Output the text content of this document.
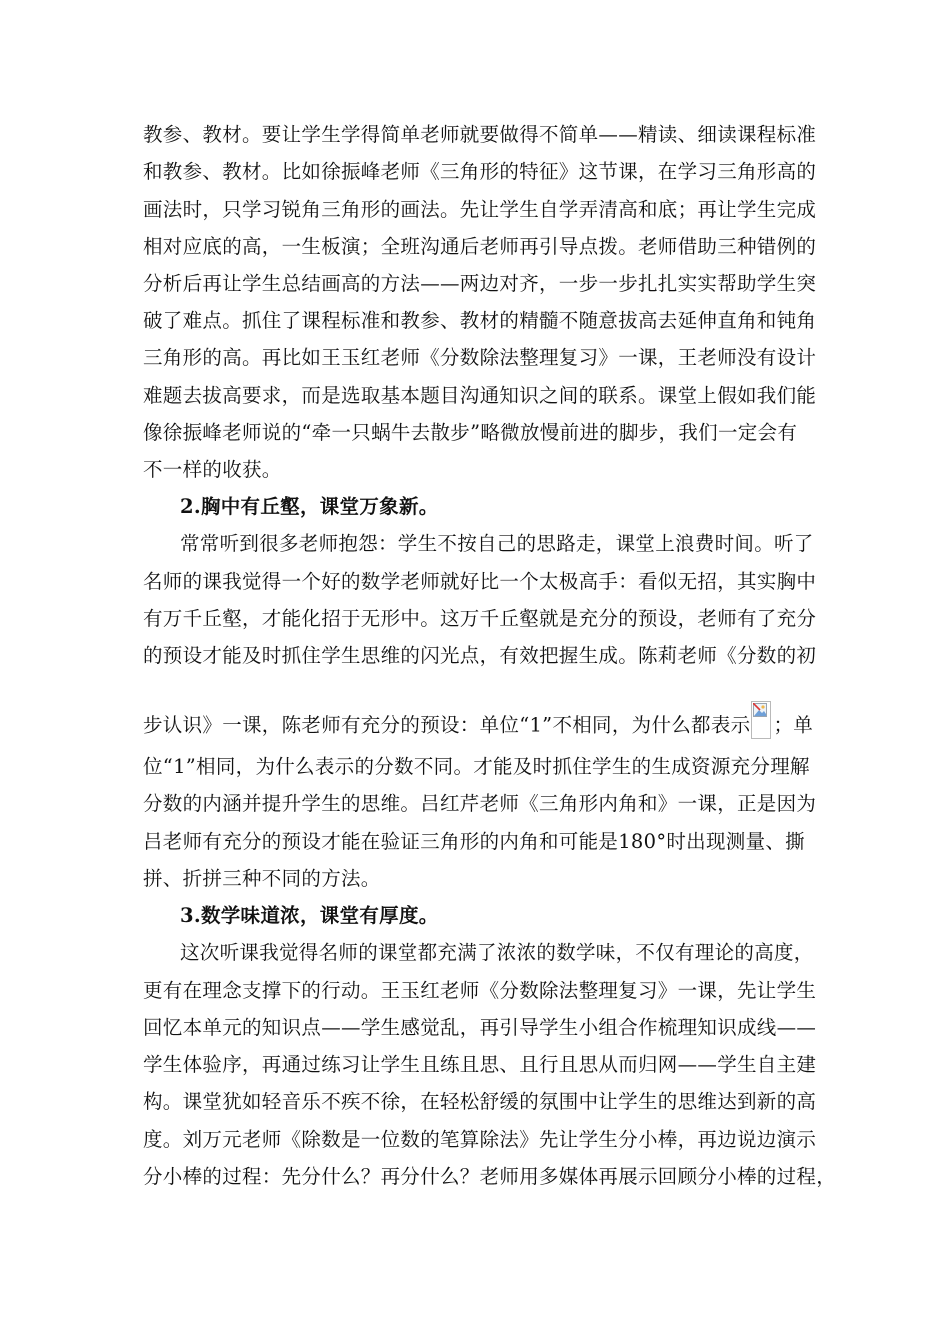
教参、教材。要让学生学得简单老师就要做得不简单——精读、细读课程标准
和教参、教材。比如徐振峰老师《三角形的特征》这节课，在学习三角形高的
画法时，只学习锐角三角形的画法。先让学生自学弄清高和底；再让学生完成
相对应底的高，一生板演；全班沟通后老师再引导点拨。老师借助三种错例的
分析后再让学生总结画高的方法——两边对齐，一步一步扎扎实实帮助学生突
破了难点。抓住了课程标准和教参、教材的精髓不随意拔高去延伸直角和钝角
三角形的高。再比如王玉红老师《分数除法整理复习》一课，王老师没有设计
难题去拔高要求，而是选取基本题目沟通知识之间的联系。课堂上假如我们能
像徐振峰老师说的“牵一只蜗牛去散步”略微放慢前进的脚步，我们一定会有
不一样的收获。
2.胸中有丘壑，课堂万象新。
常常听到很多老师抱怨：学生不按自己的思路走，课堂上浪费时间。听了
名师的课我觉得一个好的数学老师就好比一个太极高手：看似无招，其实胸中
有万千丘壑，才能化招于无形中。这万千丘壑就是充分的预设，老师有了充分
的预设才能及时抓住学生思维的闪光点，有效把握生成。陈莉老师《分数的初
步认识》一课，陈老师有充分的预设：单位“1”不相同，为什么都表示 ；单
位“1”相同，为什么表示的分数不同。才能及时抓住学生的生成资源充分理解
分数的内涵并提升学生的思维。吕红芹老师《三角形内角和》一课，正是因为
吕老师有充分的预设才能在验证三角形的内角和可能是180°时出现测量、撕
拼、折拼三种不同的方法。
3.数学味道浓，课堂有厚度。
这次听课我觉得名师的课堂都充满了浓浓的数学味，不仅有理论的高度，
更有在理念支撑下的行动。王玉红老师《分数除法整理复习》一课，先让学生
回忆本单元的知识点——学生感觉乱，再引导学生小组合作梳理知识成线——
学生体验序，再通过练习让学生且练且思、且行且思从而归网——学生自主建
构。课堂犹如轻音乐不疾不徐，在轻松舒缓的氛围中让学生的思维达到新的高
度。刘万元老师《除数是一位数的笔算除法》先让学生分小棒，再边说边演示
分小棒的过程：先分什么？再分什么？老师用多媒体再展示回顾分小棒的过程，
